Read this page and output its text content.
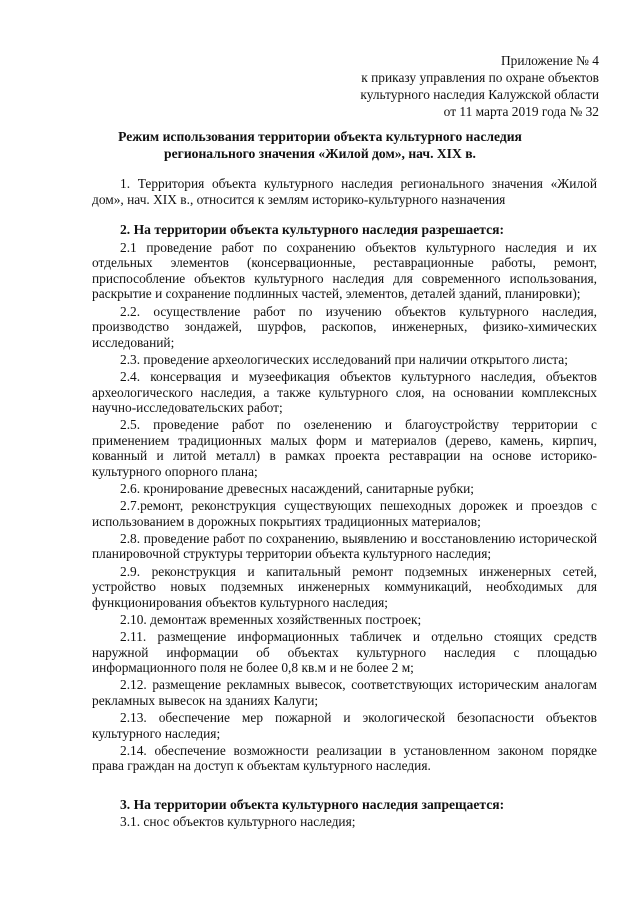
Приложение № 4
к приказу управления по охране объектов
культурного наследия Калужской области
от 11 марта 2019 года № 32
Режим использования территории объекта культурного наследия
регионального значения «Жилой дом», нач. XIX в.

1. Территория объекта культурного наследия регионального значения «Жилой дом», нач. XIX в., относится к землям историко-культурного назначения

2. На территории объекта культурного наследия разрешается:

2.1 проведение работ по сохранению объектов культурного наследия и их отдельных элементов (консервационные, реставрационные работы, ремонт, приспособление объектов культурного наследия для современного использования, раскрытие и сохранение подлинных частей, элементов, деталей зданий, планировки);

2.2. осуществление работ по изучению объектов культурного наследия, производство зондажей, шурфов, раскопов, инженерных, физико-химических исследований;

2.3. проведение археологических исследований при наличии открытого листа;

2.4. консервация и музеефикация объектов культурного наследия, объектов археологического наследия, а также культурного слоя, на основании комплексных научно-исследовательских работ;

2.5. проведение работ по озеленению и благоустройству территории с применением традиционных малых форм и материалов (дерево, камень, кирпич, кованный и литой металл) в рамках проекта реставрации на основе историко-культурного опорного плана;

2.6. кронирование древесных насаждений, санитарные рубки;

2.7.ремонт, реконструкция существующих пешеходных дорожек и проездов с использованием в дорожных покрытиях традиционных материалов;

2.8. проведение работ по сохранению, выявлению и восстановлению исторической планировочной структуры территории объекта культурного наследия;

2.9. реконструкция и капитальный ремонт подземных инженерных сетей, устройство новых подземных инженерных коммуникаций, необходимых для функционирования объектов культурного наследия;

2.10. демонтаж временных хозяйственных построек;

2.11. размещение информационных табличек и отдельно стоящих средств наружной информации об объектах культурного наследия с площадью информационного поля не более 0,8 кв.м и не более 2 м;

2.12. размещение рекламных вывесок, соответствующих историческим аналогам рекламных вывесок на зданиях Калуги;

2.13. обеспечение мер пожарной и экологической безопасности объектов культурного наследия;

2.14. обеспечение возможности реализации в установленном законом порядке права граждан на доступ к объектам культурного наследия.

3. На территории объекта культурного наследия запрещается:

3.1. снос объектов культурного наследия;
